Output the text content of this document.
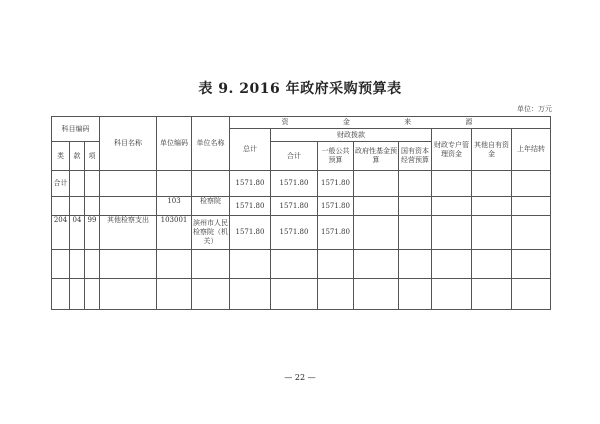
表 9. 2016 年政府采购预算表
单位：万元
科目编码			科目名称	单位编码	单位名称	资 金 来 源							
						总计	财政拨款				财政专户管理资金	其他自有资金	上年结转
类	款	项					合计	一般公共预算	政府性基金预算	国有资本经营预算			
合计						1571.80	1571.80	1571.80					
				103	检察院	1571.80	1571.80	1571.80					
204	04	99	其他检察支出	103001	滨州市人民检察院（机关）	1571.80	1571.80	1571.80					

— 22 —
